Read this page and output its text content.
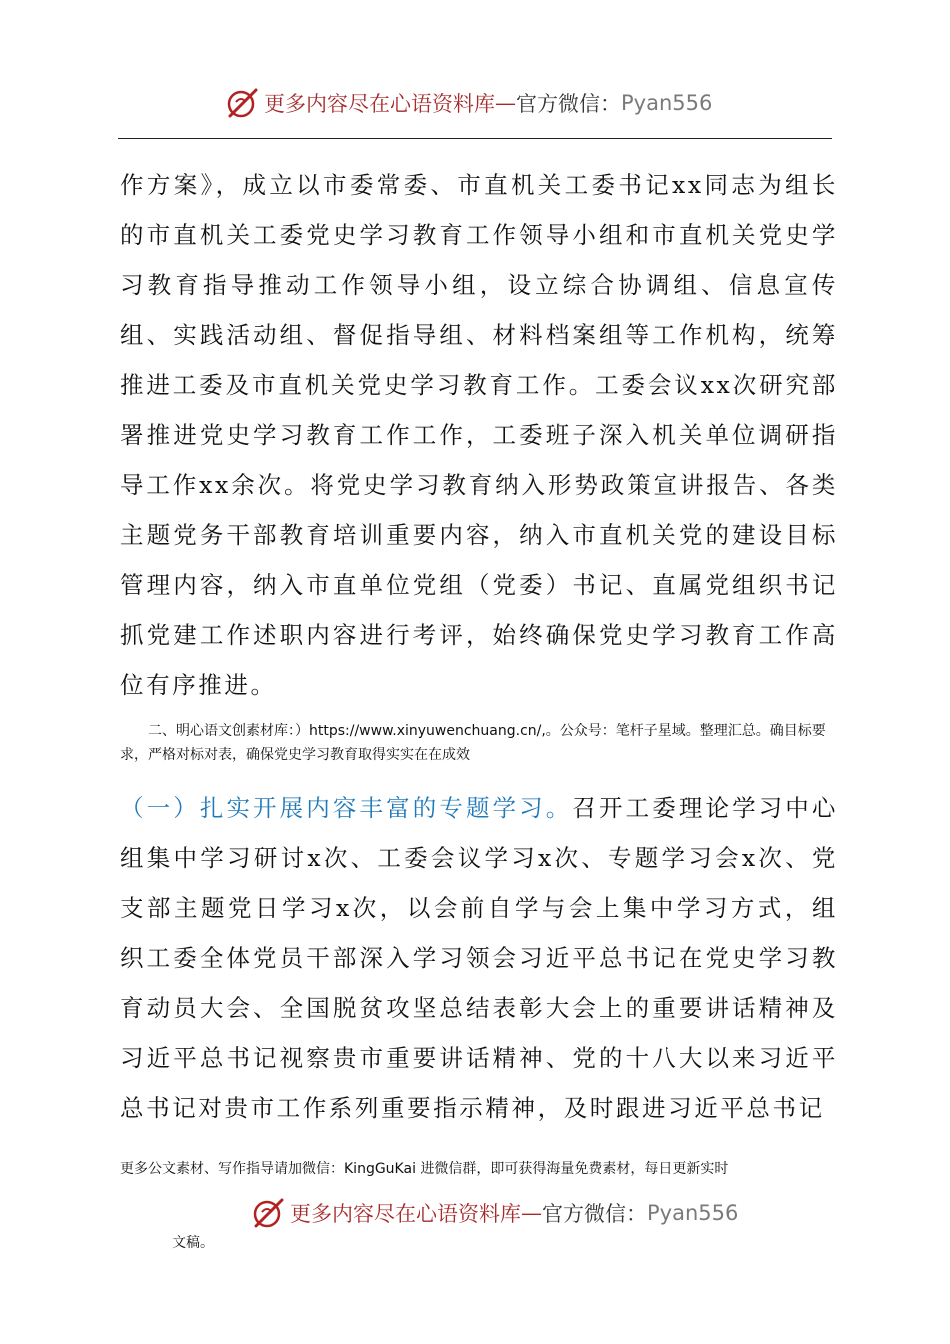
更多内容尽在心语资料库 — 官方微信： Pyan556
作方案》，成立以市委常委、市直机关工委书记xx同志为组长的市直机关工委党史学习教育工作领导小组和市直机关党史学习教育指导推动工作领导小组，设立综合协调组、信息宣传组、实践活动组、督促指导组、材料档案组等工作机构，统筹推进工委及市直机关党史学习教育工作。工委会议xx次研究部署推进党史学习教育工作工作，工委班子深入机关单位调研指导工作xx余次。将党史学习教育纳入形势政策宣讲报告、各类主题党务干部教育培训重要内容，纳入市直机关党的建设目标管理内容，纳入市直单位党组（党委）书记、直属党组织书记抓党建工作述职内容进行考评，始终确保党史学习教育工作高位有序推进。
二、明心语文创素材库：）https://www.xinyuwenchuang.cn/,。公众号：笔杆子星域。整理汇总。确目标要求，严格对标对表，确保党史学习教育取得实实在在成效
（一）扎实开展内容丰富的专题学习。召开工委理论学习中心组集中学习研讨x次、工委会议学习x次、专题学习会x次、党支部主题党日学习x次，以会前自学与会上集中学习方式，组织工委全体党员干部深入学习领会习近平总书记在党史学习教育动员大会、全国脱贫攻坚总结表彰大会上的重要讲话精神及习近平总书记视察贵市重要讲话精神、党的十八大以来习近平总书记对贵市工作系列重要指示精神，及时跟进习近平总书记
更多公文素材、写作指导请加微信：KingGuKai 进微信群，即可获得海量免费素材，每日更新实时
更多内容尽在心语资料库 — 官方微信： Pyan556
文稿。
